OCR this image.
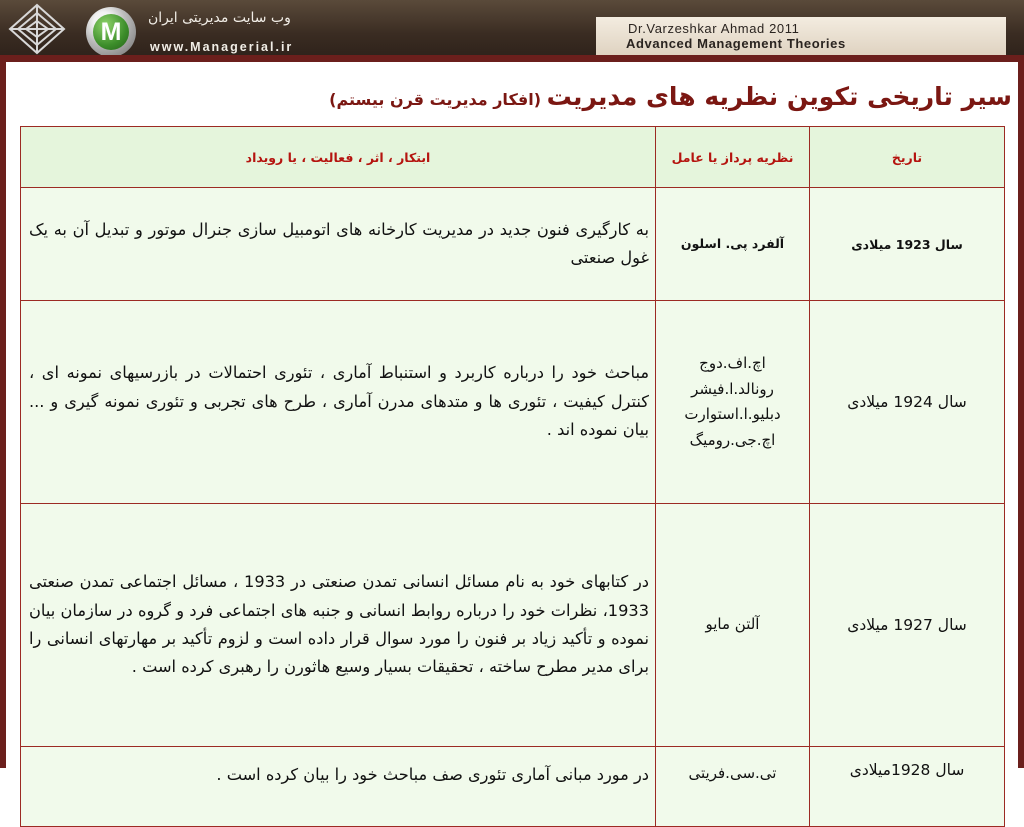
M	وب سایت مدیریتی ایران
www.Managerial.ir
Dr.Varzeshkar Ahmad 2011
Advanced Management Theories
سیر تاریخی تکوین نظریه های مدیریت (افکار مدیریت قرن بیستم)
تاریخ	نظریه پرداز یا عامل	ابتکار ، اثر ، فعالیت ، یا رویداد
سال 1923 میلادی	آلفرد پی. اسلون	به کارگیری فنون جدید در مدیریت کارخانه های اتومبیل سازی جنرال موتور و تبدیل آن به یک غول صنعتی
سال 1924 میلادی	اچ.اف.دوج رونالد.ا.فیشر دبلیو.ا.استوارت اچ.جی.رومیگ	مباحث خود را درباره کاربرد و استنباط آماری ، تئوری احتمالات در بازرسیهای نمونه ای ، کنترل کیفیت ، تئوری ها و متدهای مدرن آماری ، طرح های تجربی و تئوری نمونه گیری و ... بیان نموده اند .
سال 1927 میلادی	آلتن مایو	در کتابهای خود به نام مسائل انسانی تمدن صنعتی در 1933 ، مسائل اجتماعی تمدن صنعتی 1933، نظرات خود را درباره روابط انسانی و جنبه های اجتماعی فرد و گروه در سازمان بیان نموده و تأکید زیاد بر فنون را مورد سوال قرار داده است و لزوم تأکید بر مهارتهای انسانی را برای مدیر مطرح ساخته ، تحقیقات بسیار وسیع هاثورن را رهبری کرده است .
سال 1928میلادی	تی.سی.فریتی	در مورد مبانی آماری تئوری صف مباحث خود را بیان کرده است .
